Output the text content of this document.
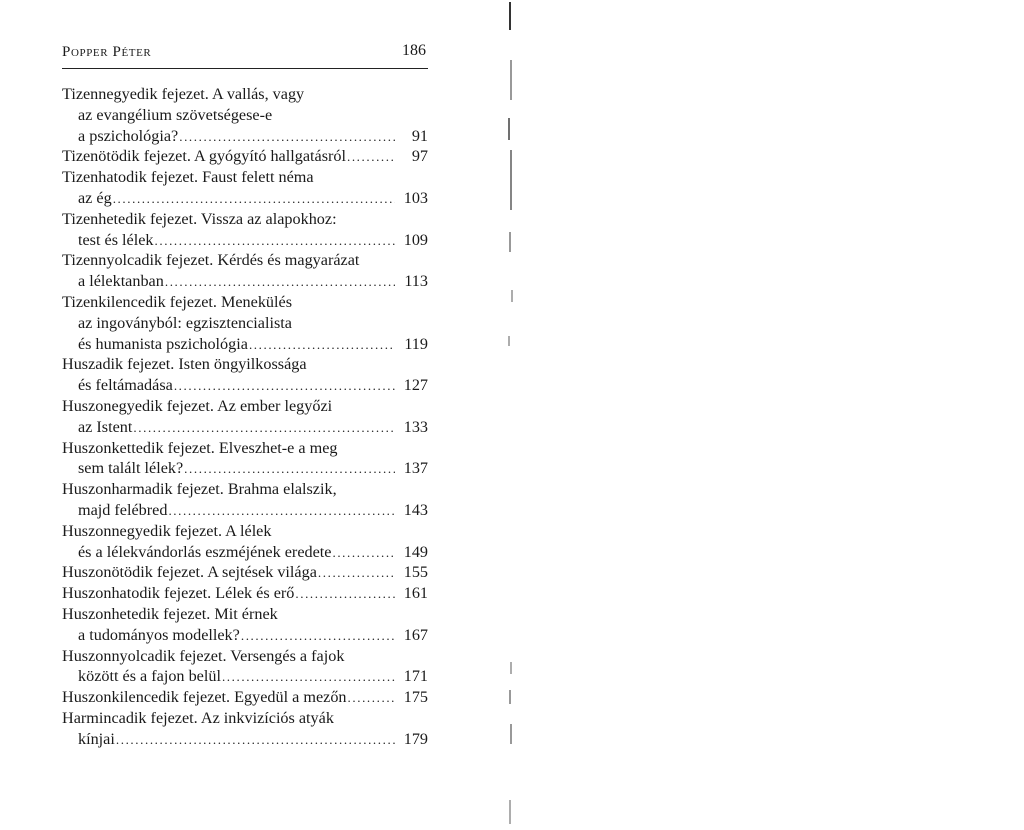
Popper Péter	186
Tizennegyedik fejezet. A vallás, vagy
az evangélium szövetségese-e
a pszichológia? .....	91
Tizenötödik fejezet. A gyógyító hallgatásról .....	97
Tizenhatodik fejezet. Faust felett néma
az ég .....	103
Tizenhetedik fejezet. Vissza az alapokhoz:
test és lélek .....	109
Tizennyolcadik fejezet. Kérdés és magyarázat
a lélektanban .....	113
Tizenkilencedik fejezet. Menekülés
az ingoványból: egzisztencialista
és humanista pszichológia .....	119
Huszadik fejezet. Isten öngyilkossága
és feltámadása .....	127
Huszonegyedik fejezet. Az ember legyőzi
az Istent .....	133
Huszonkettedik fejezet. Elveszhet-e a meg
sem talált lélek? .....	137
Huszonharmadik fejezet. Brahma elalszik,
majd felébred .....	143
Huszonnegyedik fejezet. A lélek
és a lélekvándorlás eszméjének eredete .....	149
Huszonötödik fejezet. A sejtések világa .....	155
Huszonhatodik fejezet. Lélek és erő .....	161
Huszonhetedik fejezet. Mit érnek
a tudományos modellek? .....	167
Huszonnyolcadik fejezet. Versengés a fajok
között és a fajon belül .....	171
Huszonkilencedik fejezet. Egyedül a mezőn .....	175
Harmincadik fejezet. Az inkvizíciós atyák
kínjai .....	179
